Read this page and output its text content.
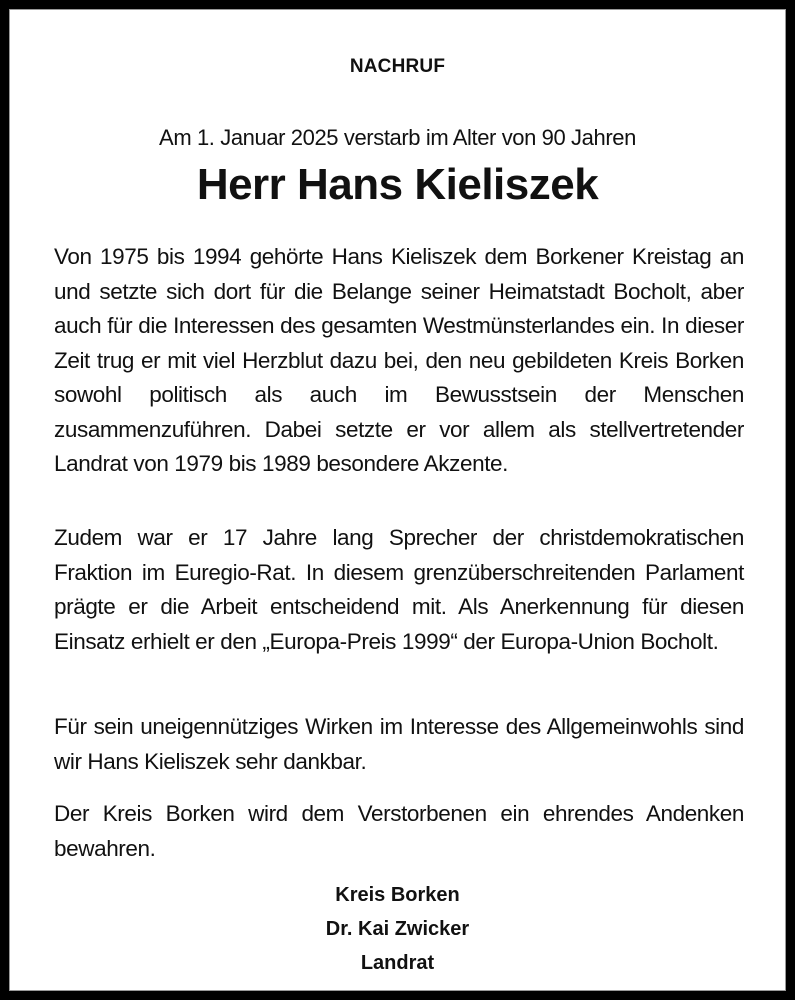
NACHRUF
Am 1. Januar 2025 verstarb im Alter von 90 Jahren
Herr Hans Kieliszek

Von 1975 bis 1994 gehörte Hans Kieliszek dem Borkener Kreistag an und setzte sich dort für die Belange seiner Heimatstadt Bocholt, aber auch für die Interessen des gesamten Westmünsterlandes ein. In dieser Zeit trug er mit viel Herzblut dazu bei, den neu gebildeten Kreis Borken sowohl politisch als auch im Bewusstsein der Menschen zusammenzuführen. Dabei setzte er vor allem als stellvertretender Landrat von 1979 bis 1989 besondere Akzente.

Zudem war er 17 Jahre lang Sprecher der christdemokratischen Fraktion im Euregio-Rat. In diesem grenzüberschreitenden Parlament prägte er die Arbeit entscheidend mit. Als Anerkennung für diesen Einsatz erhielt er den „Europa-Preis 1999“ der Europa-Union Bocholt.

Für sein uneigennütziges Wirken im Interesse des Allgemeinwohls sind wir Hans Kieliszek sehr dankbar.

Der Kreis Borken wird dem Verstorbenen ein ehrendes Andenken bewahren.

Kreis Borken
Dr. Kai Zwicker
Landrat
